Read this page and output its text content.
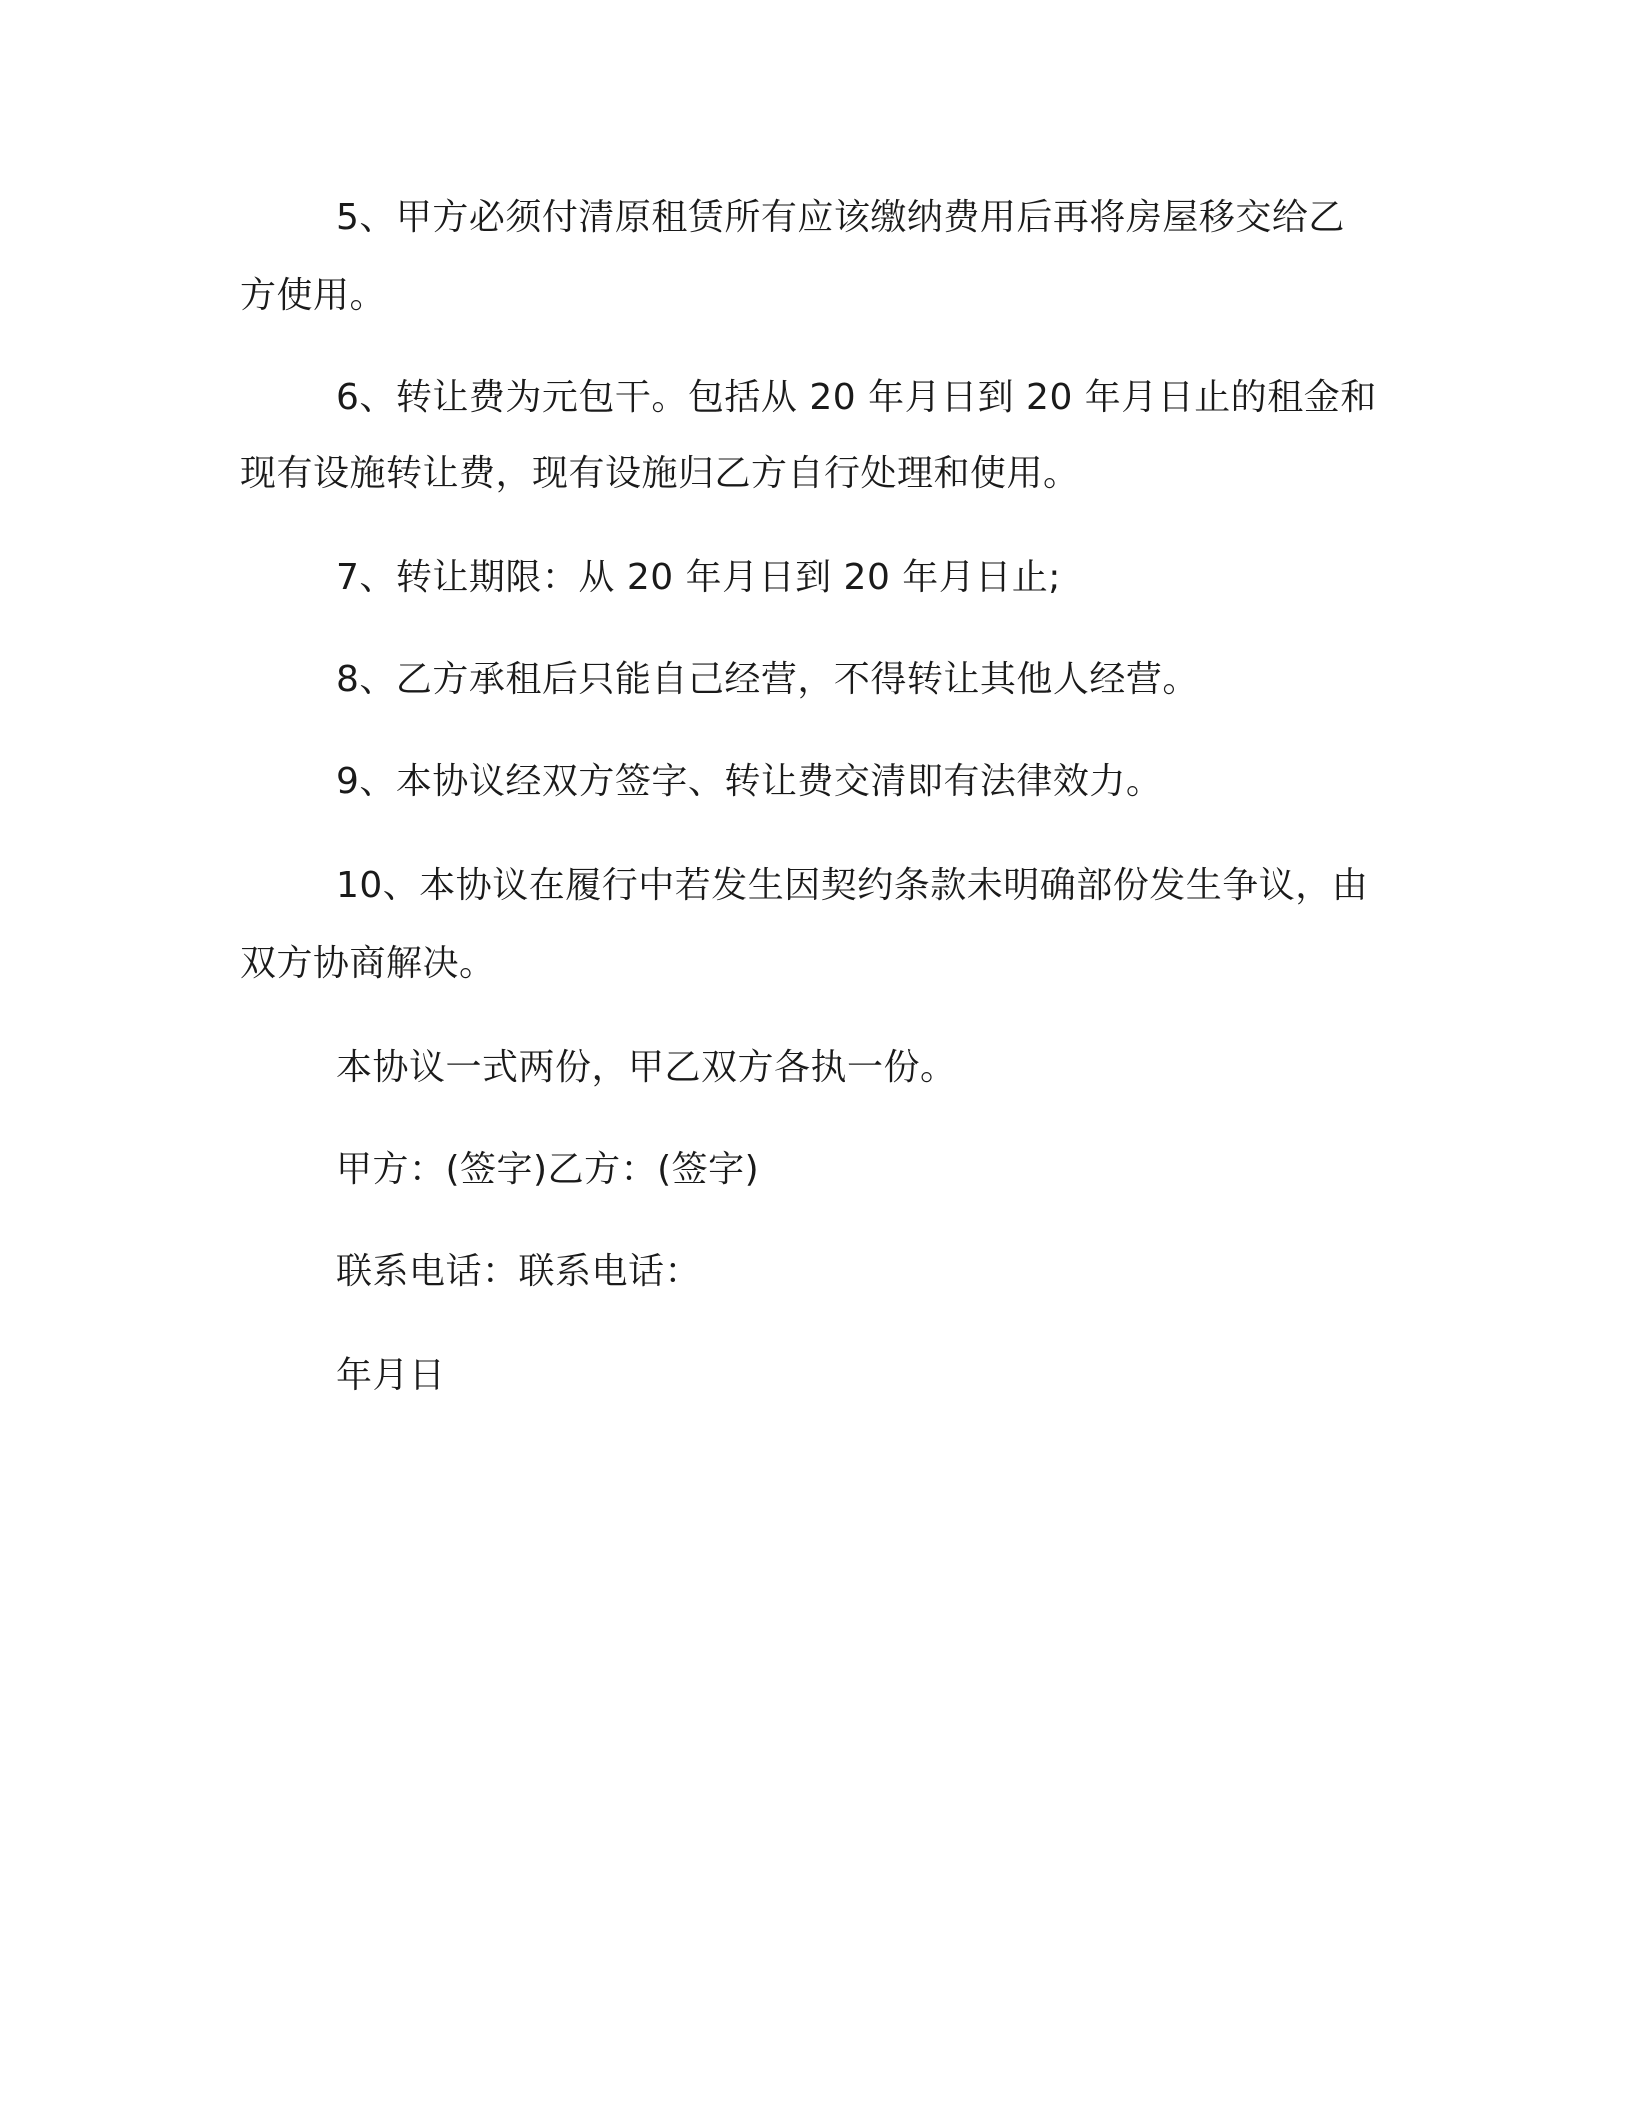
5、甲方必须付清原租赁所有应该缴纳费用后再将房屋移交给乙
方使用。
6、转让费为元包干。包括从 20 年月日到 20 年月日止的租金和
现有设施转让费，现有设施归乙方自行处理和使用。
7、转让期限：从 20 年月日到 20 年月日止;
8、乙方承租后只能自己经营，不得转让其他人经营。
9、本协议经双方签字、转让费交清即有法律效力。
10、本协议在履行中若发生因契约条款未明确部份发生争议，由
双方协商解决。
本协议一式两份，甲乙双方各执一份。
甲方：(签字)乙方：(签字)
联系电话：联系电话：
年月日
